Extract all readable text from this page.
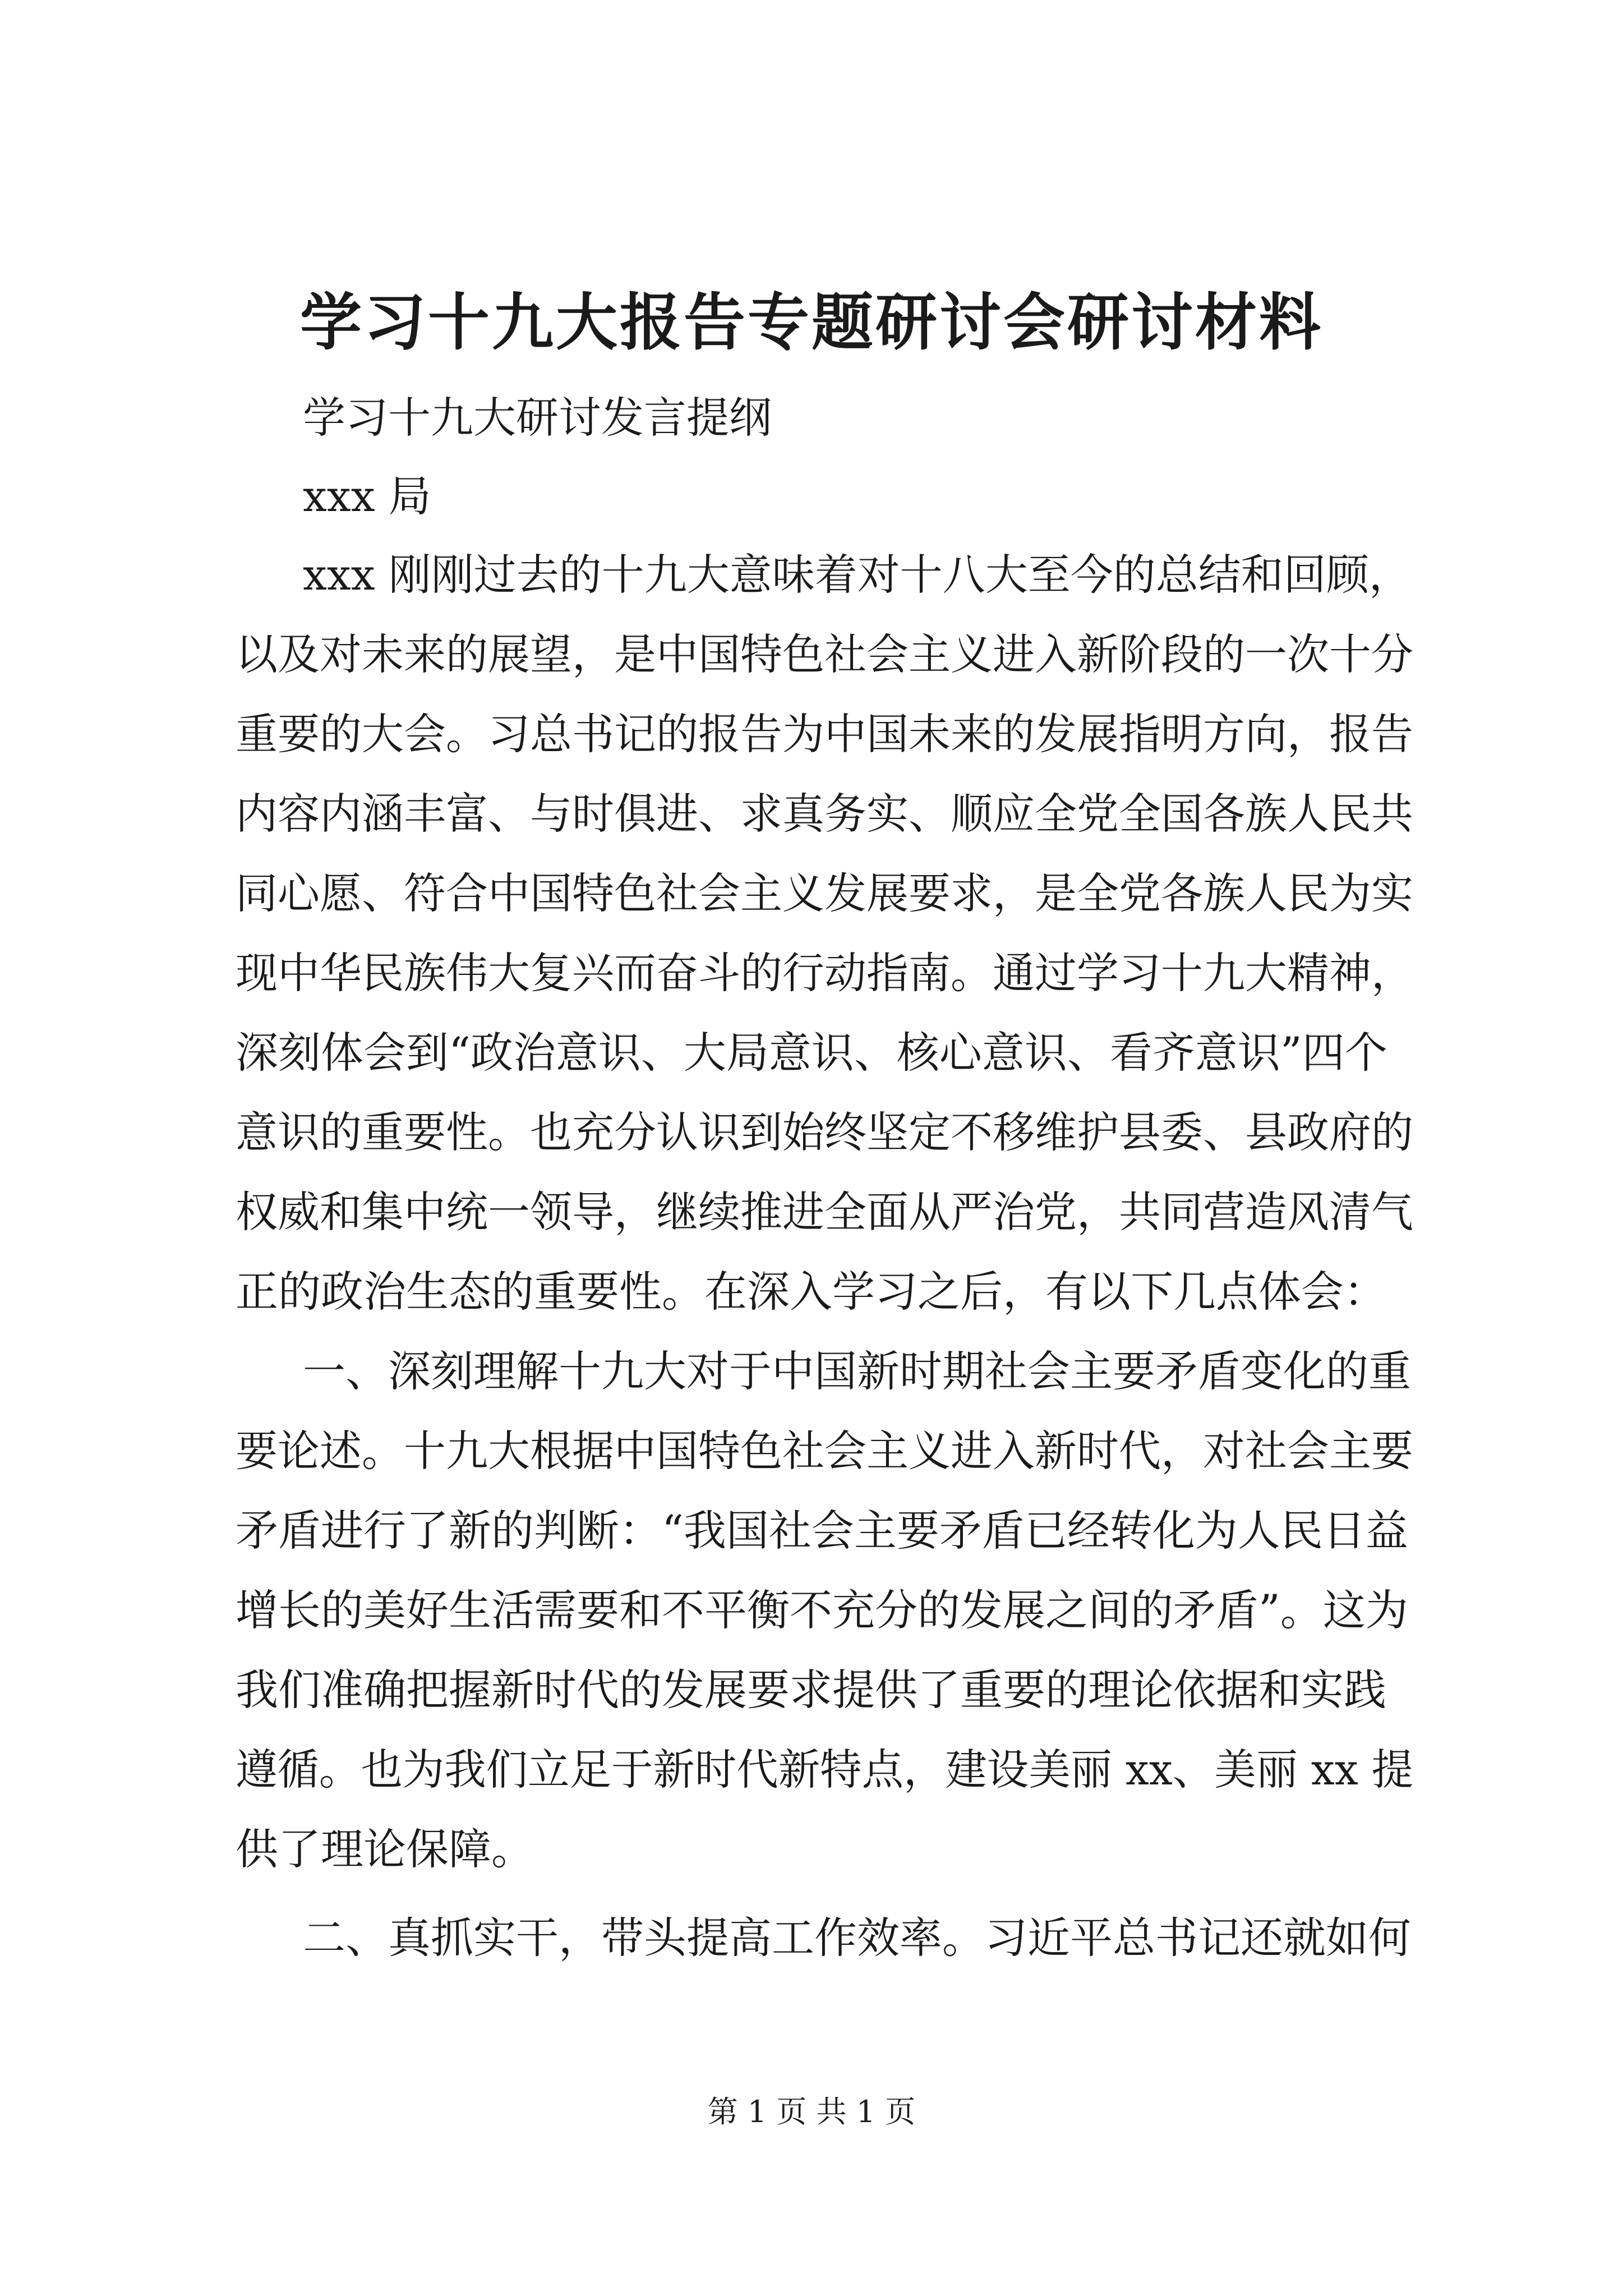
学习十九大报告专题研讨会研讨材料
学习十九大研讨发言提纲
xxx 局
xxx 刚刚过去的十九大意味着对十八大至今的总结和回顾，
以及对未来的展望，是中国特色社会主义进入新阶段的一次十分
重要的大会。习总书记的报告为中国未来的发展指明方向，报告
内容内涵丰富、与时俱进、求真务实、顺应全党全国各族人民共
同心愿、符合中国特色社会主义发展要求，是全党各族人民为实
现中华民族伟大复兴而奋斗的行动指南。通过学习十九大精神，
深刻体会到“政治意识、大局意识、核心意识、看齐意识”四个
意识的重要性。也充分认识到始终坚定不移维护县委、县政府的
权威和集中统一领导，继续推进全面从严治党，共同营造风清气
正的政治生态的重要性。在深入学习之后，有以下几点体会：
一、深刻理解十九大对于中国新时期社会主要矛盾变化的重
要论述。十九大根据中国特色社会主义进入新时代，对社会主要
矛盾进行了新的判断：“我国社会主要矛盾已经转化为人民日益
增长的美好生活需要和不平衡不充分的发展之间的矛盾”。这为
我们准确把握新时代的发展要求提供了重要的理论依据和实践
遵循。也为我们立足于新时代新特点，建设美丽 xx、美丽 xx 提
供了理论保障。
二、真抓实干，带头提高工作效率。习近平总书记还就如何
第 1 页 共 1 页
